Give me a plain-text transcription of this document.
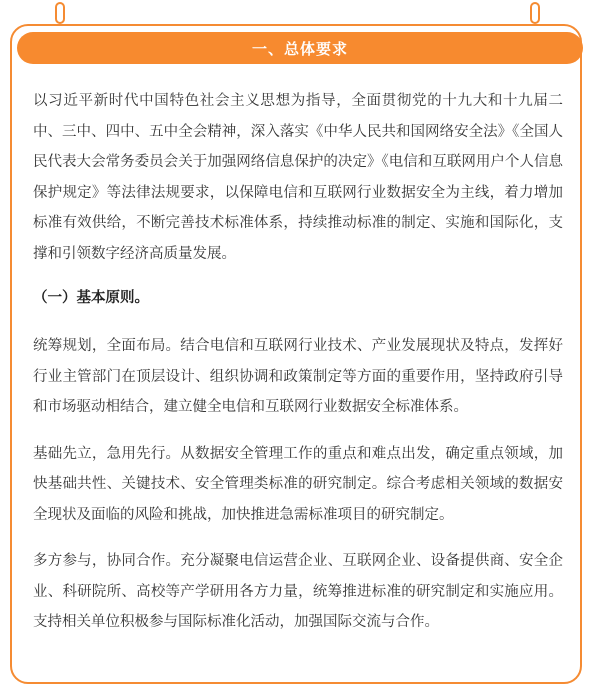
一、总体要求

以习近平新时代中国特色社会主义思想为指导，全面贯彻党的十九大和十九届二中、三中、四中、五中全会精神，深入落实《中华人民共和国网络安全法》《全国人民代表大会常务委员会关于加强网络信息保护的决定》《电信和互联网用户个人信息保护规定》等法律法规要求，以保障电信和互联网行业数据安全为主线，着力增加标准有效供给，不断完善技术标准体系，持续推动标准的制定、实施和国际化，支撑和引领数字经济高质量发展。

（一）基本原则。

统筹规划，全面布局。结合电信和互联网行业技术、产业发展现状及特点，发挥好行业主管部门在顶层设计、组织协调和政策制定等方面的重要作用，坚持政府引导和市场驱动相结合，建立健全电信和互联网行业数据安全标准体系。

基础先立，急用先行。从数据安全管理工作的重点和难点出发，确定重点领域，加快基础共性、关键技术、安全管理类标准的研究制定。综合考虑相关领域的数据安全现状及面临的风险和挑战，加快推进急需标准项目的研究制定。

多方参与，协同合作。充分凝聚电信运营企业、互联网企业、设备提供商、安全企业、科研院所、高校等产学研用各方力量，统筹推进标准的研究制定和实施应用。支持相关单位积极参与国际标准化活动，加强国际交流与合作。
